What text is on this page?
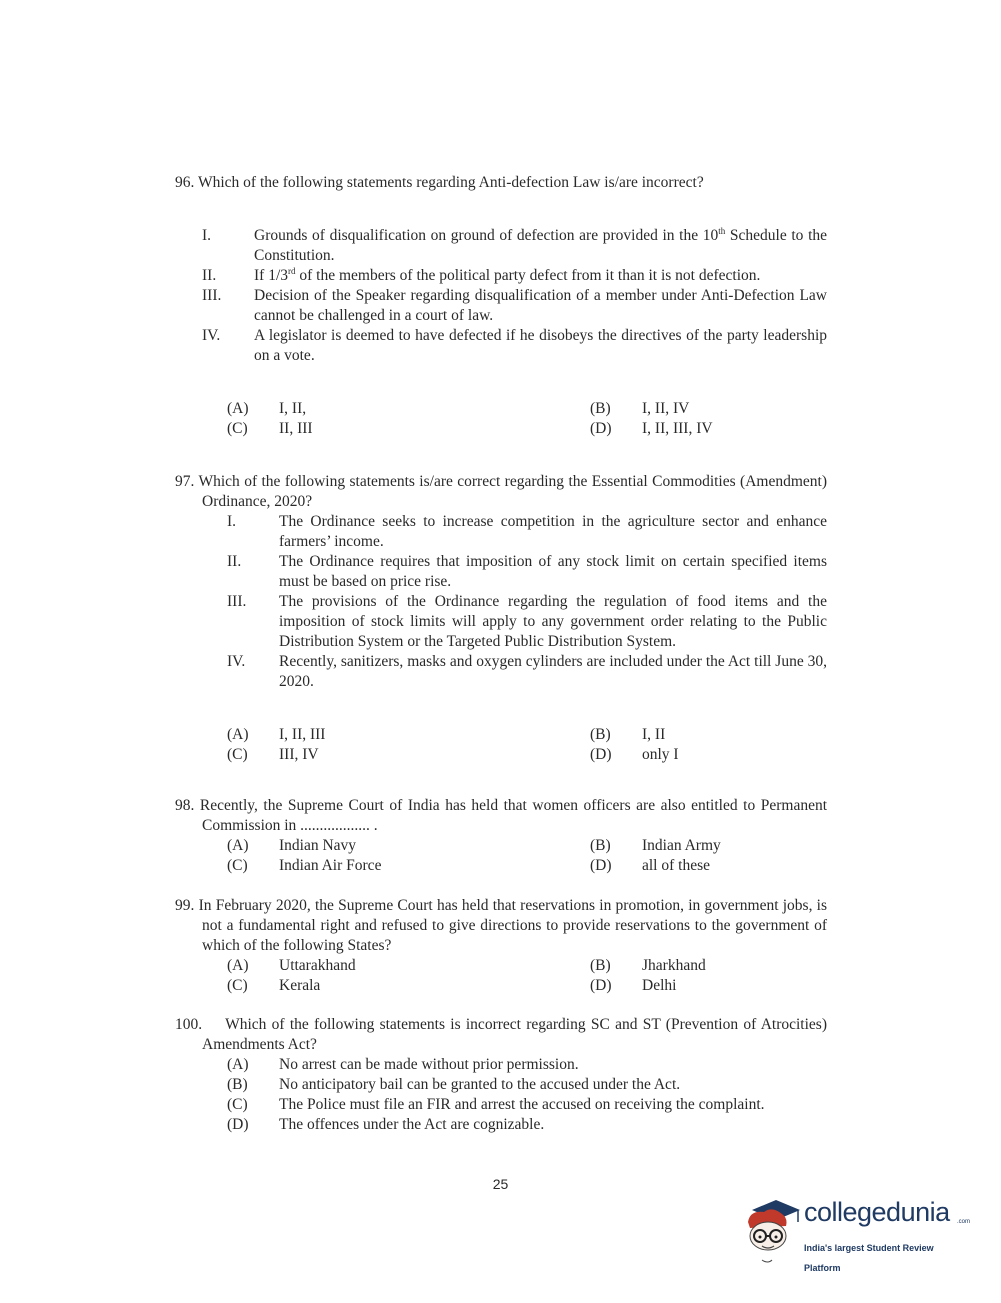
96. Which of the following statements regarding Anti-defection Law is/are incorrect?
I.	Grounds of disqualification on ground of defection are provided in the 10th Schedule to the Constitution.
II.	If 1/3rd of the members of the political party defect from it than it is not defection.
III.	Decision of the Speaker regarding disqualification of a member under Anti-Defection Law cannot be challenged in a court of law.
IV.	A legislator is deemed to have defected if he disobeys the directives of the party leadership on a vote.
(A)	I, II,	(B)	I, II, IV
(C)	II, III	(D)	I, II, III, IV
97. Which of the following statements is/are correct regarding the Essential Commodities (Amendment) Ordinance, 2020?
I.	The Ordinance seeks to increase competition in the agriculture sector and enhance farmers’ income.
II.	The Ordinance requires that imposition of any stock limit on certain specified items must be based on price rise.
III.	The provisions of the Ordinance regarding the regulation of food items and the imposition of stock limits will apply to any government order relating to the Public Distribution System or the Targeted Public Distribution System.
IV.	Recently, sanitizers, masks and oxygen cylinders are included under the Act till June 30, 2020.
(A)	I, II, III	(B)	I, II
(C)	III, IV	(D)	only I
98. Recently, the Supreme Court of India has held that women officers are also entitled to Permanent Commission in .................. .
(A)	Indian Navy	(B)	Indian Army
(C)	Indian Air Force	(D)	all of these
99. In February 2020, the Supreme Court has held that reservations in promotion, in government jobs, is not a fundamental right and refused to give directions to provide reservations to the government of which of the following States?
(A)	Uttarakhand	(B)	Jharkhand
(C)	Kerala	(D)	Delhi
100. Which of the following statements is incorrect regarding SC and ST (Prevention of Atrocities) Amendments Act?
(A)	No arrest can be made without prior permission.
(B)	No anticipatory bail can be granted to the accused under the Act.
(C)	The Police must file an FIR and arrest the accused on receiving the complaint.
(D)	The offences under the Act are cognizable.
25
collegedunia .com
India's largest Student Review Platform
